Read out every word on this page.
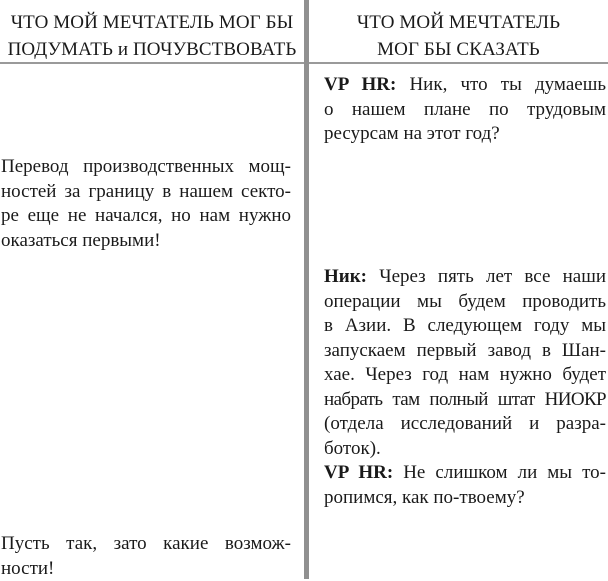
ЧТО МОЙ МЕЧТАТЕЛЬ МОГ БЫ
ПОДУМАТЬ и ПОЧУВСТВОВАТЬ
ЧТО МОЙ МЕЧТАТЕЛЬ
МОГ БЫ СКАЗАТЬ
Перевод производственных мощ-
ностей за границу в нашем секто-
ре еще не начался, но нам нужно
оказаться первыми!
Пусть так, зато какие возмож-
ности!
VP HR: Ник, что ты думаешь
о нашем плане по трудовым
ресурсам на этот год?
Ник: Через пять лет все наши
операции мы будем проводить
в Азии. В следующем году мы
запускаем первый завод в Шан-
хае. Через год нам нужно будет
набрать там полный штат НИОКР
(отдела исследований и разра-
боток).
VP HR: Не слишком ли мы то-
ропимся, как по-твоему?
